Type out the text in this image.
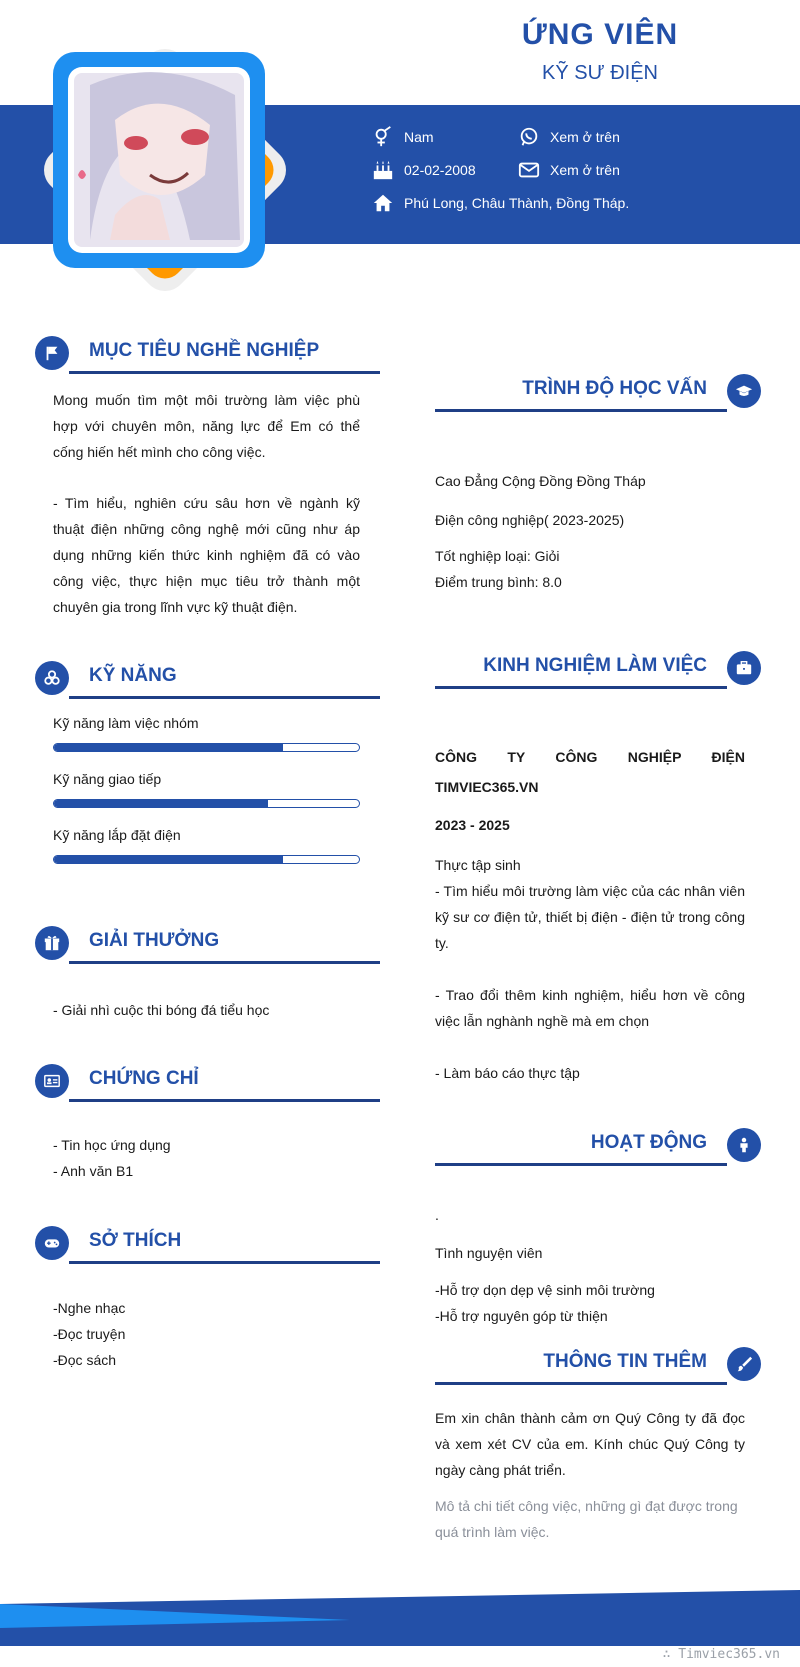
ỨNG VIÊN
KỸ SƯ ĐIỆN
Nam	Xem ở trên
02-02-2008	Xem ở trên
Phú Long, Châu Thành, Đồng Tháp.
MỤC TIÊU NGHỀ NGHIỆP
Mong muốn tìm một môi trường làm việc phù hợp với chuyên môn, năng lực để Em có thể cống hiến hết mình cho công việc.
- Tìm hiểu, nghiên cứu sâu hơn về ngành kỹ thuật điện những công nghệ mới cũng như áp dụng những kiến thức kinh nghiệm đã có vào công việc, thực hiện mục tiêu trở thành một chuyên gia trong lĩnh vực kỹ thuật điện.
KỸ NĂNG
Kỹ năng làm việc nhóm
Kỹ năng giao tiếp
Kỹ năng lắp đặt điện
GIẢI THƯỞNG
- Giải nhì cuộc thi bóng đá tiểu học
CHỨNG CHỈ
- Tin học ứng dụng
- Anh văn B1
SỞ THÍCH
-Nghe nhạc
-Đọc truyện
-Đọc sách
TRÌNH ĐỘ HỌC VẤN
Cao Đẳng Cộng Đồng Đồng Tháp
Điện công nghiệp( 2023-2025)
Tốt nghiệp loại: Giỏi
Điểm trung bình: 8.0
KINH NGHIỆM LÀM VIỆC
CÔNG TY CÔNG NGHIỆP ĐIỆN TIMVIEC365.VN
2023 - 2025
Thực tập sinh
- Tìm hiểu môi trường làm việc của các nhân viên kỹ sư cơ điện tử, thiết bị điện - điện tử trong công ty.
- Trao đổi thêm kinh nghiệm, hiểu hơn về công việc lẫn nghành nghề mà em chọn
- Làm báo cáo thực tập
HOẠT ĐỘNG
.
Tình nguyện viên
-Hỗ trợ dọn dẹp vệ sinh môi trường
-Hỗ trợ nguyên góp từ thiện
THÔNG TIN THÊM
Em xin chân thành cảm ơn Quý Công ty đã đọc và xem xét CV của em. Kính chúc Quý Công ty ngày càng phát triển.
Mô tả chi tiết công việc, những gì đạt được trong quá trình làm việc.
∴ Timviec365.vn
